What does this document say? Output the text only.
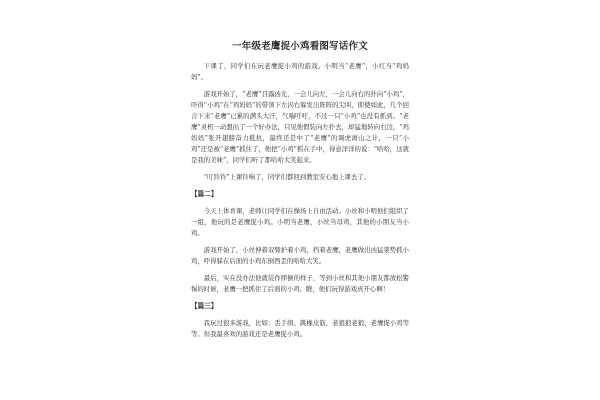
一年级老鹰捉小鸡看图写话作文

下课了，同学们在玩老鹰捉小鸡的游戏。小明当“老鹰”，小红当“鸡妈妈”。

游戏开始了，“老鹰”目露凶光，一会儿向左，一会儿向右的扑向“小鸡”，吓得“小鸡”在“鸡妈妈”的带领下左闪右躲发出阵阵的尖叫，即使如此，几个回合下来“老鹰”已累的满头大汗，气喘吁吁，不过一只“小鸡”也没有抓到。“老鹰”灵机一动想出了一个好办法，只见他假装向左扑去，却猛地转向右边，“鸡妈妈”张开翅膀奋力抵抗，最终还是中了“老鹰”的调虎离山之计，一只“小鸡”还是被“老鹰”抓住了，他把“小鸡”抓在手中，得意洋洋的说：“哈哈，这就是我的美味”，同学们听了都哈哈大笑起来。

“叮铃铃”上课铃响了，同学们都回到教室安心地上课去了。

【篇二】

今天上体育课，老师让同学们在操场上自由活动。小丝和小明他们组织了一组，他玩的是老鹰捉小鸡。小明当老鹰，小丝当母鸡，其他的小朋友当小鸡。

游戏开始了，小丝伸着双臂护着小鸡，挡着老鹰，老鹰做出凶猛架势抓小鸡，吓得躲在后面的小鸡东倒西歪的哈哈大笑。

最后，实在没办法他就装作摔倒的样子，等到小丝和其他小朋友都放松警惕的时候，老鹰一把抓住了后面的小鸡。瞧，他们玩得游戏真开心啊！

【篇三】

我玩过很多游戏，比如：丢手绢、跳橡皮筋、老狼狼老狼、老鹰捉小鸡等等。但我最喜欢的游戏还是老鹰捉小鸡。
